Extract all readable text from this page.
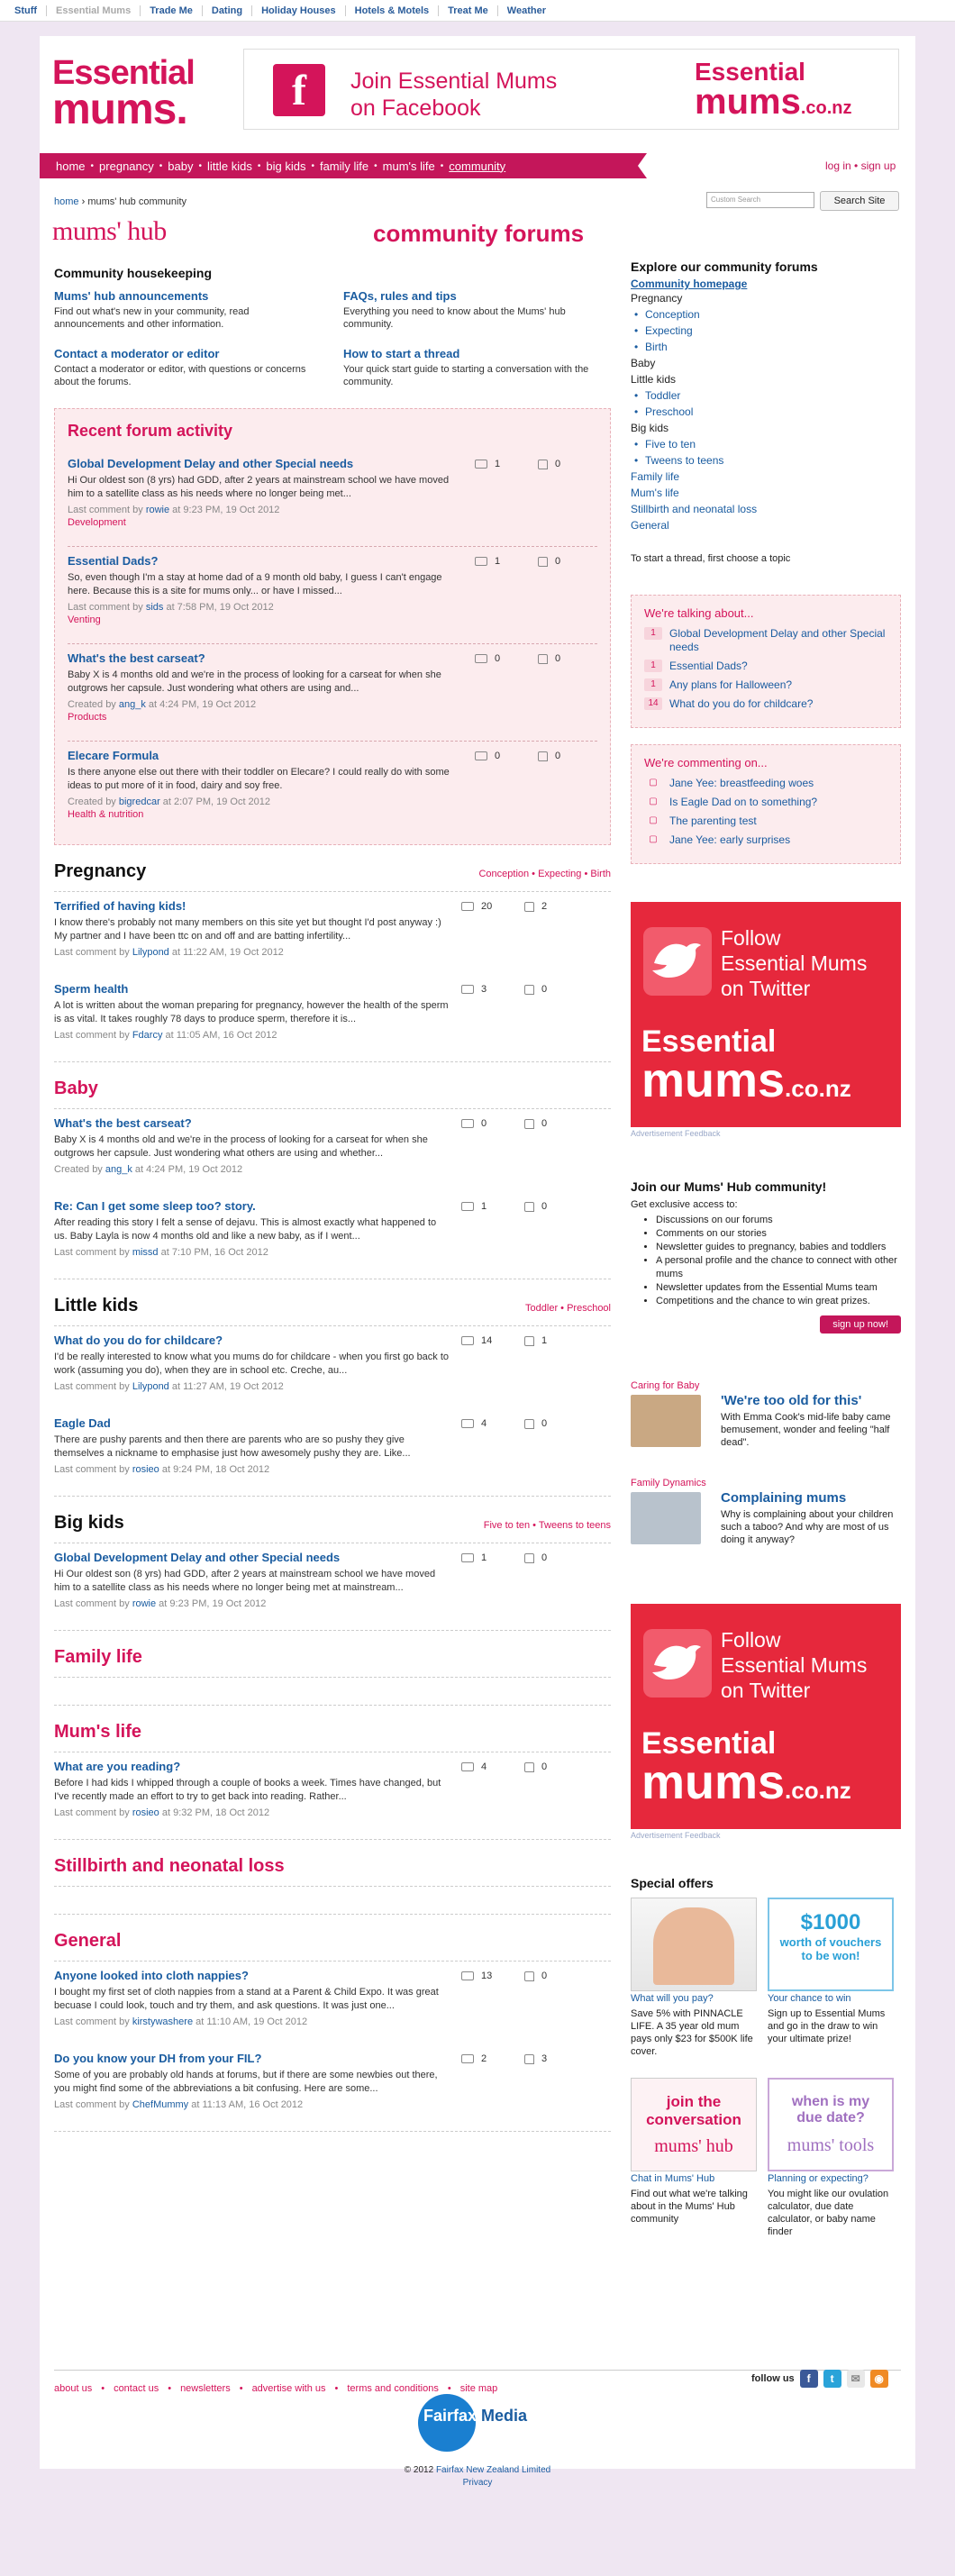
Stuff	Essential Mums	Trade Me	Dating	Holiday Houses	Hotels & Motels	Treat Me	Weather
Essential
mums.	f	Join Essential Mums
on Facebook
Essential
mums .co.nz
home • pregnancy • baby • little kids • big kids • family life • mum's life • community	log in • sign up
home › mums' hub community	Custom Search	Search Site
mums' hub	community forums
Community housekeeping
Mums' hub announcements

Find out what's new in your community, read announcements and other information.

FAQs, rules and tips

Everything you need to know about the Mums' hub community.

Contact a moderator or editor

Contact a moderator or editor, with questions or concerns about the forums.

How to start a thread

Your quick start guide to starting a conversation with the community.

Recent forum activity
Global Development Delay and other Special needs
Hi Our oldest son (8 yrs) had GDD, after 2 years at mainstream school we have moved him to a satellite class as his needs where no longer being met...
Last comment by rowie at 9:23 PM, 19 Oct 2012
Development
1	0
Essential Dads?
So, even though I'm a stay at home dad of a 9 month old baby, I guess I can't engage here. Because this is a site for mums only... or have I missed...
Last comment by sids at 7:58 PM, 19 Oct 2012
Venting
1	0
What's the best carseat?
Baby X is 4 months old and we're in the process of looking for a carseat for when she outgrows her capsule. Just wondering what others are using and...
Created by ang_k at 4:24 PM, 19 Oct 2012
Products
0	0
Elecare Formula
Is there anyone else out there with their toddler on Elecare? I could really do with some ideas to put more of it in food, dairy and soy free.
Created by bigredcar at 2:07 PM, 19 Oct 2012
Health & nutrition
0	0
Pregnancy	Conception • Expecting • Birth
Terrified of having kids!
I know there's probably not many members on this site yet but thought I'd post anyway :) My partner and I have been ttc on and off and are batting infertility...
Last comment by Lilypond at 11:22 AM, 19 Oct 2012
20	2
Sperm health
A lot is written about the woman preparing for pregnancy, however the health of the sperm is as vital. It takes roughly 78 days to produce sperm, therefore it is...
Last comment by Fdarcy at 11:05 AM, 16 Oct 2012
3	0
Baby
What's the best carseat?
Baby X is 4 months old and we're in the process of looking for a carseat for when she outgrows her capsule. Just wondering what others are using and whether...
Created by ang_k at 4:24 PM, 19 Oct 2012
0	0
Re: Can I get some sleep too? story.
After reading this story I felt a sense of dejavu. This is almost exactly what happened to us. Baby Layla is now 4 months old and like a new baby, as if I went...
Last comment by missd at 7:10 PM, 16 Oct 2012
1	0
Little kids	Toddler • Preschool
What do you do for childcare?
I'd be really interested to know what you mums do for childcare - when you first go back to work (assuming you do), when they are in school etc. Creche, au...
Last comment by Lilypond at 11:27 AM, 19 Oct 2012
14	1
Eagle Dad
There are pushy parents and then there are parents who are so pushy they give themselves a nickname to emphasise just how awesomely pushy they are. Like...
Last comment by rosieo at 9:24 PM, 18 Oct 2012
4	0
Big kids	Five to ten • Tweens to teens
Global Development Delay and other Special needs
Hi Our oldest son (8 yrs) had GDD, after 2 years at mainstream school we have moved him to a satellite class as his needs where no longer being met at mainstream...
Last comment by rowie at 9:23 PM, 19 Oct 2012
1	0
Family life
Mum's life
What are you reading?
Before I had kids I whipped through a couple of books a week. Times have changed, but I've recently made an effort to try to get back into reading. Rather...
Last comment by rosieo at 9:32 PM, 18 Oct 2012
4	0
Stillbirth and neonatal loss
General
Anyone looked into cloth nappies?
I bought my first set of cloth nappies from a stand at a Parent & Child Expo. It was great becuase I could look, touch and try them, and ask questions. It was just one...
Last comment by kirstywashere at 11:10 AM, 19 Oct 2012
13	0
Do you know your DH from your FIL?
Some of you are probably old hands at forums, but if there are some newbies out there, you might find some of the abbreviations a bit confusing. Here are some...
Last comment by ChefMummy at 11:13 AM, 16 Oct 2012
2	3
Explore our community forums
Community homepage
Pregnancy
• Conception
• Expecting
• Birth
Baby
Little kids
• Toddler
• Preschool
Big kids
• Five to ten
• Tweens to teens
Family life
Mum's life
Stillbirth and neonatal loss
General
To start a thread, first choose a topic
We're talking about...
1	Global Development Delay and other Special needs
1	Essential Dads?
1	Any plans for Halloween?
14	What do you do for childcare?
We're commenting on...
▢	Jane Yee: breastfeeding woes
▢	Is Eagle Dad on to something?
▢	The parenting test
▢	Jane Yee: early surprises
Follow
Essential Mums
on Twitter
Essential
mums .co.nz
Advertisement Feedback
Join our Mums' Hub community!

Get exclusive access to:

• Discussions on our forums
• Comments on our stories
• Newsletter guides to pregnancy, babies and toddlers
• A personal profile and the chance to connect with other mums
• Newsletter updates from the Essential Mums team
• Competitions and the chance to win great prizes.
sign up now!
Caring for Baby
'We're too old for this'
With Emma Cook's mid-life baby came bemusement, wonder and feeling "half dead".
Family Dynamics
Complaining mums
Why is complaining about your children such a taboo? And why are most of us doing it anyway?
Follow
Essential Mums
on Twitter
Essential
mums .co.nz
Advertisement Feedback
Special offers
What will you pay?
Save 5% with PINNACLE LIFE. A 35 year old mum pays only $23 for $500K life cover.
$1000
worth of vouchers
to be won!
Your chance to win
Sign up to Essential Mums and go in the draw to win your ultimate prize!
join the conversation
mums' hub
Chat in Mums' Hub
Find out what we're talking about in the Mums' Hub community
when is my due date?
mums' tools
Planning or expecting?
You might like our ovulation calculator, due date calculator, or baby name finder
about us • contact us • newsletters • advertise with us • terms and conditions • site map
follow us	f	t	✉	◉
Fairfax Media
© 2012 Fairfax New Zealand Limited
Privacy
